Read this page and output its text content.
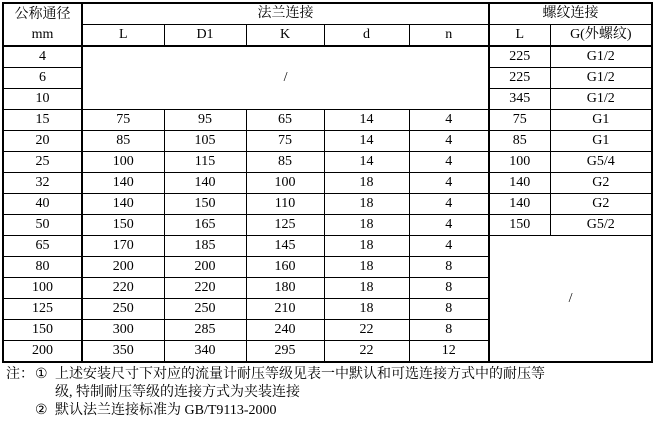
公称通径
mm	法兰连接					螺纹连接	
	L	D1	K	d	n	L	G(外螺纹)
4	/					225	G1/2
6						225	G1/2
10						345	G1/2
15	75	95	65	14	4	75	G1
20	85	105	75	14	4	85	G1
25	100	115	85	14	4	100	G5/4
32	140	140	100	18	4	140	G2
40	140	150	110	18	4	140	G2
50	150	165	125	18	4	150	G5/2
65	170	185	145	18	4	/	
80	200	200	160	18	8		
100	220	220	180	18	8		
125	250	250	210	18	8		
150	300	285	240	22	8		
200	350	340	295	22	12		
注： ① 上述安装尺寸下对应的流量计耐压等级见表一中默认和可选连接方式中的耐压等
级, 特制耐压等级的连接方式为夹装连接
② 默认法兰连接标准为 GB/T9113-2000
